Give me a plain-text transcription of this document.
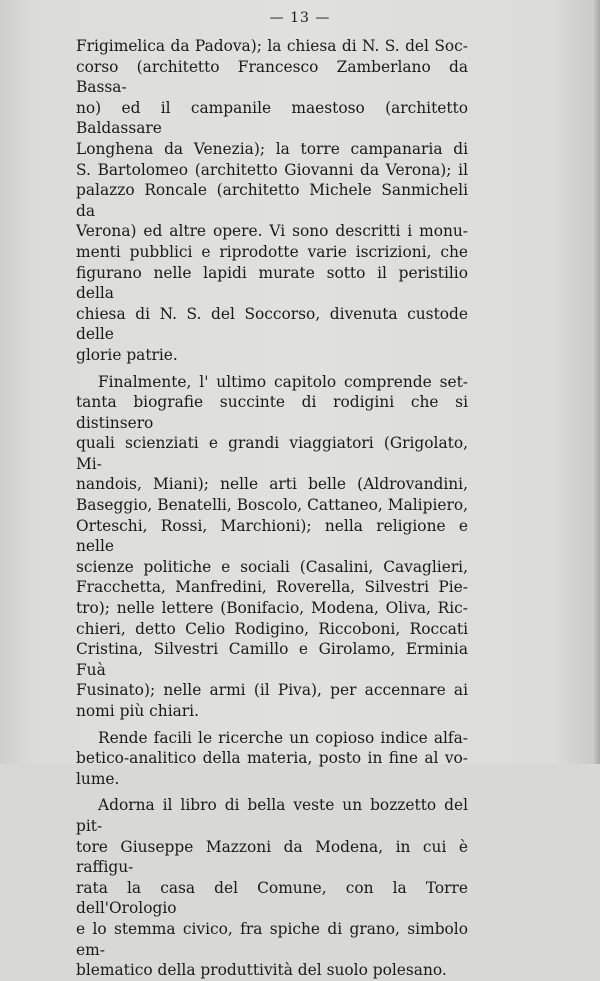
— 13 —
Frigimelica da Padova); la chiesa di N. S. del Soc-
corso (architetto Francesco Zamberlano da Bassa-
no) ed il campanile maestoso (architetto Baldassare
Longhena da Venezia); la torre campanaria di
S. Bartolomeo (architetto Giovanni da Verona); il
palazzo Roncale (architetto Michele Sanmicheli da
Verona) ed altre opere. Vi sono descritti i monu-
menti pubblici e riprodotte varie iscrizioni, che
figurano nelle lapidi murate sotto il peristilio della
chiesa di N. S. del Soccorso, divenuta custode delle
glorie patrie.
Finalmente, l' ultimo capitolo comprende set-
tanta biografie succinte di rodigini che si distinsero
quali scienziati e grandi viaggiatori (Grigolato, Mi-
nandois, Miani); nelle arti belle (Aldrovandini,
Baseggio, Benatelli, Boscolo, Cattaneo, Malipiero,
Orteschi, Rossi, Marchioni); nella religione e nelle
scienze politiche e sociali (Casalini, Cavaglieri,
Fracchetta, Manfredini, Roverella, Silvestri Pie-
tro); nelle lettere (Bonifacio, Modena, Oliva, Ric-
chieri, detto Celio Rodigino, Riccoboni, Roccati
Cristina, Silvestri Camillo e Girolamo, Erminia Fuà
Fusinato); nelle armi (il Piva), per accennare ai
nomi più chiari.
Rende facili le ricerche un copioso indice alfa-
betico-analitico della materia, posto in fine al vo-
lume.
Adorna il libro di bella veste un bozzetto del pit-
tore Giuseppe Mazzoni da Modena, in cui è raffigu-
rata la casa del Comune, con la Torre dell'Orologio
e lo stemma civico, fra spiche di grano, simbolo em-
blematico della produttività del suolo polesano.
